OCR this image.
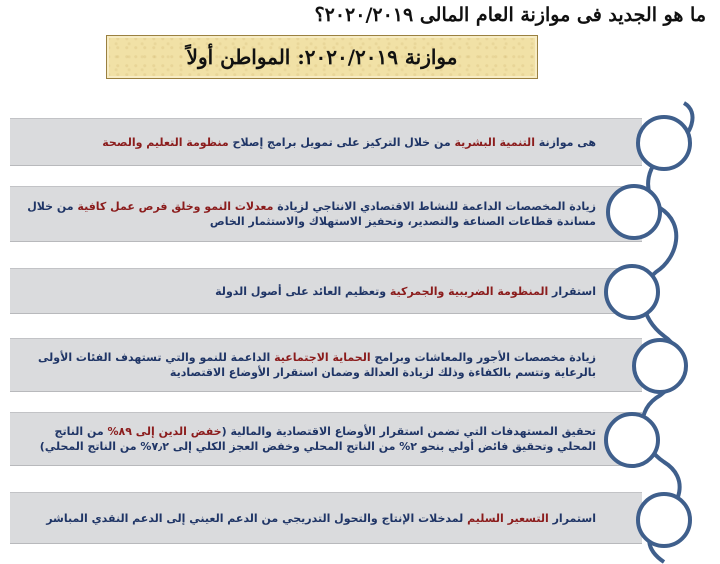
ما هو الجديد فى موازنة العام المالى ٢٠٢٠/٢٠١٩؟
موازنة ٢٠٢٠/٢٠١٩: المواطن أولاً
هى موازنة التنمية البشرية من خلال التركيز على تمويل برامج إصلاح منظومة التعليم والصحة
زيادة المخصصات الداعمة للنشاط الاقتصادي الانتاجي لزيادة معدلات النمو وخلق فرص عمل كافية من خلال مساندة قطاعات الصناعة والتصدير، وتحفيز الاستهلاك والاستثمار الخاص
استقرار المنظومة الضريبية والجمركية وتعظيم العائد على أصول الدولة
زيادة مخصصات الأجور والمعاشات وبرامج الحماية الاجتماعية الداعمة للنمو والتي تستهدف الفئات الأولى بالرعاية وتتسم بالكفاءة وذلك لزيادة العدالة وضمان استقرار الأوضاع الاقتصادية
تحقيق المستهدفات التي تضمن استقرار الأوضاع الاقتصادية والمالية (خفض الدين إلى ٨٩% من الناتج المحلي وتحقيق فائض أولي بنحو ٢% من الناتج المحلي وخفض العجز الكلي إلى ٧٫٢% من الناتج المحلي)
استمرار التسعير السليم لمدخلات الإنتاج والتحول التدريجي من الدعم العيني إلى الدعم النقدي المباشر
